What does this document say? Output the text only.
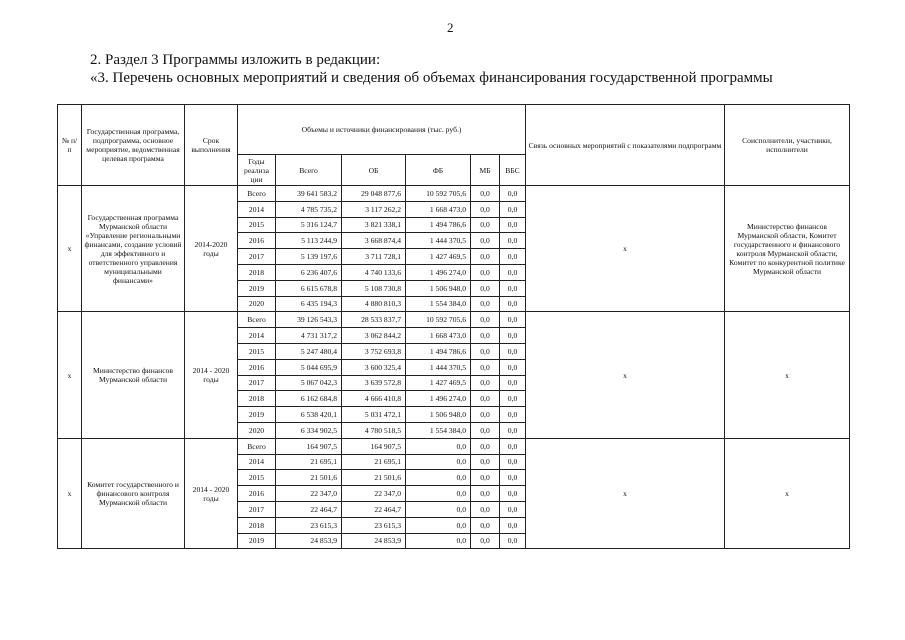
2
2. Раздел 3 Программы изложить в редакции:
«3. Перечень основных мероприятий и сведения об объемах финансирования государственной программы
№ п/п	Государственная программа, подпрограмма, основное мероприятие, ведомственная целевая программа	Срок выполнения	Объемы и источники финансирования (тыс. руб.)						Связь основных мероприятий с показателями подпрограмм	Соисполнители, участники, исполнители
			Годы реализа ции	Всего	ОБ	ФБ	МБ	ВБС		
x	Государственная программа Мурманской области «Управление региональными финансами, создание условий для эффективного и ответственного управления муниципальными финансами»	2014-2020 годы	Всего	39 641 583,2	29 048 877,6	10 592 705,6	0,0	0,0	x	Министерство финансов Мурманской области, Комитет государственного и финансового контроля Мурманской области, Комитет по конкурентной политике Мурманской области
			2014	4 785 735,2	3 117 262,2	1 668 473,0	0,0	0,0		
			2015	5 316 124,7	3 821 338,1	1 494 786,6	0,0	0,0		
			2016	5 113 244,9	3 668 874,4	1 444 370,5	0,0	0,0		
			2017	5 139 197,6	3 711 728,1	1 427 469,5	0,0	0,0		
			2018	6 236 407,6	4 740 133,6	1 496 274,0	0,0	0,0		
			2019	6 615 678,8	5 108 730,8	1 506 948,0	0,0	0,0		
			2020	6 435 194,3	4 880 810,3	1 554 384,0	0,0	0,0		
x	Министерство финансов Мурманской области	2014 - 2020 годы	Всего	39 126 543,3	28 533 837,7	10 592 705,6	0,0	0,0	x	x
			2014	4 731 317,2	3 062 844,2	1 668 473,0	0,0	0,0		
			2015	5 247 480,4	3 752 693,8	1 494 786,6	0,0	0,0		
			2016	5 044 695,9	3 600 325,4	1 444 370,5	0,0	0,0		
			2017	5 067 042,3	3 639 572,8	1 427 469,5	0,0	0,0		
			2018	6 162 684,8	4 666 410,8	1 496 274,0	0,0	0,0		
			2019	6 538 420,1	5 031 472,1	1 506 948,0	0,0	0,0		
			2020	6 334 902,5	4 780 518,5	1 554 384,0	0,0	0,0		
x	Комитет государственного и финансового контроля Мурманской области	2014 - 2020 годы	Всего	164 907,5	164 907,5	0,0	0,0	0,0	x	x
			2014	21 695,1	21 695,1	0,0	0,0	0,0		
			2015	21 501,6	21 501,6	0,0	0,0	0,0		
			2016	22 347,0	22 347,0	0,0	0,0	0,0		
			2017	22 464,7	22 464,7	0,0	0,0	0,0		
			2018	23 615,3	23 615,3	0,0	0,0	0,0		
			2019	24 853,9	24 853,9	0,0	0,0	0,0		
